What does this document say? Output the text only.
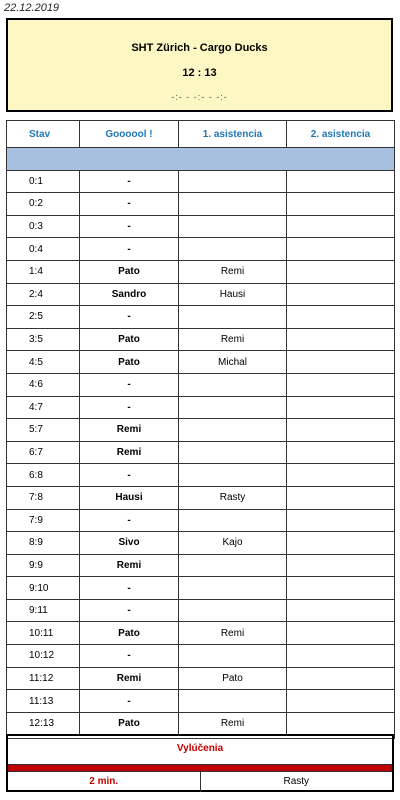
22.12.2019
SHT Zürich - Cargo Ducks
12 : 13
-:- - -:- - -:-
Stav	Goooool !	1. asistencia	2. asistencia

0:1	-		
0:2	-		
0:3	-		
0:4	-		
1:4	Pato	Remi	
2:4	Sandro	Hausi	
2:5	-		
3:5	Pato	Remi	
4:5	Pato	Michal	
4:6	-		
4:7	-		
5:7	Remi		
6:7	Remi		
6:8	-		
7:8	Hausi	Rasty	
7:9	-		
8:9	Sivo	Kajo	
9:9	Remi		
9:10	-		
9:11	-		
10:11	Pato	Remi	
10:12	-		
11:12	Remi	Pato	
11:13	-		
12:13	Pato	Remi	

Vylúčenia
2 min.	Rasty
